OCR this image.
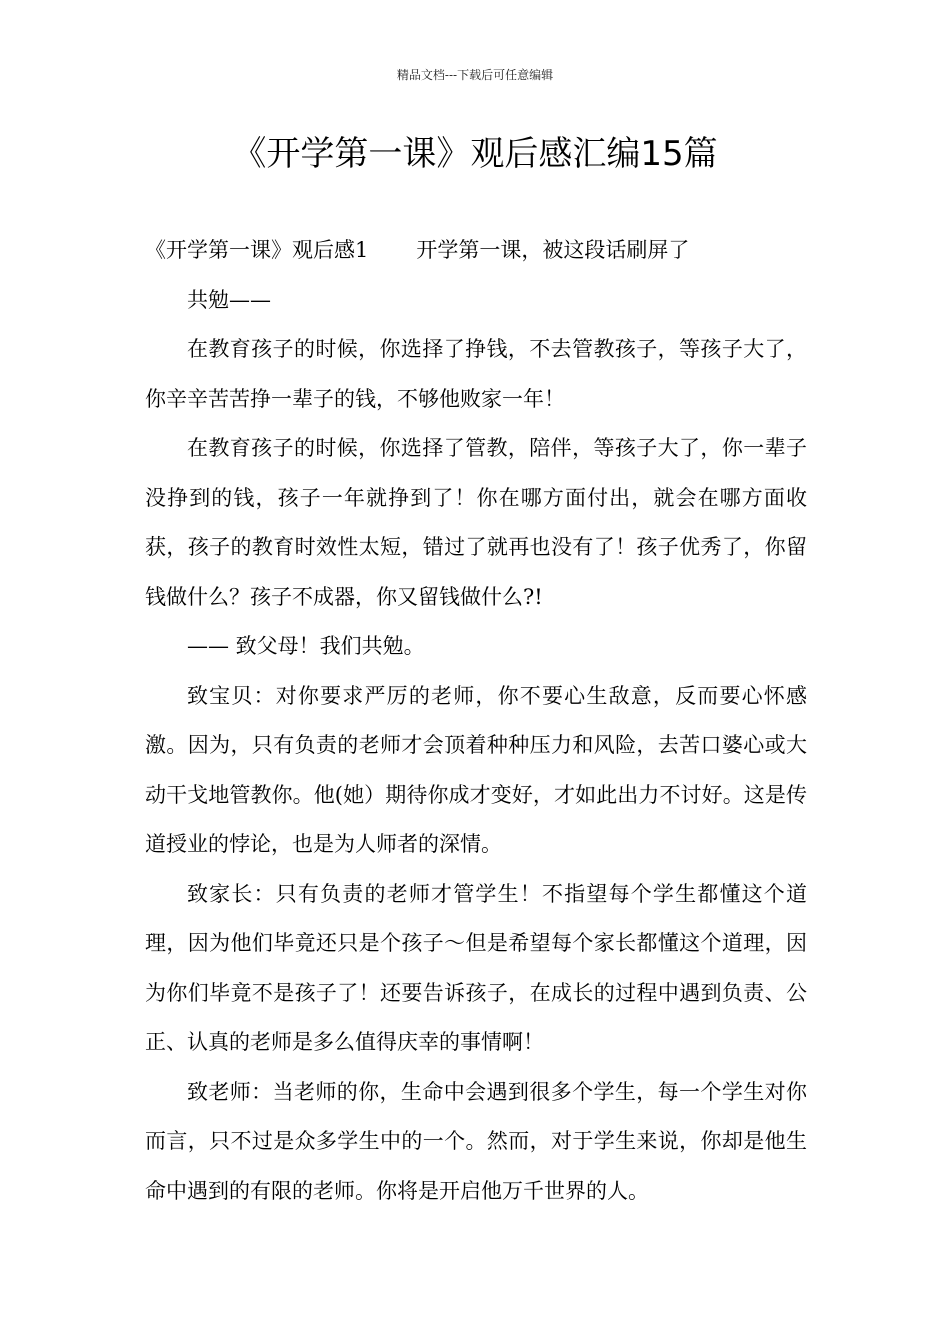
精品文档---下载后可任意编辑
《开学第一课》观后感汇编15篇

《开学第一课》观后感1 开学第一课，被这段话刷屏了

共勉——

在教育孩子的时候，你选择了挣钱，不去管教孩子，等孩子大了，你辛辛苦苦挣一辈子的钱，不够他败家一年！

在教育孩子的时候，你选择了管教，陪伴，等孩子大了，你一辈子没挣到的钱，孩子一年就挣到了！你在哪方面付出，就会在哪方面收获，孩子的教育时效性太短，错过了就再也没有了！孩子优秀了，你留钱做什么？孩子不成器，你又留钱做什么?!

—— 致父母！我们共勉。

致宝贝：对你要求严厉的老师，你不要心生敌意，反而要心怀感激。因为，只有负责的老师才会顶着种种压力和风险，去苦口婆心或大动干戈地管教你。他(她）期待你成才变好，才如此出力不讨好。这是传道授业的悖论，也是为人师者的深情。

致家长：只有负责的老师才管学生！不指望每个学生都懂这个道理，因为他们毕竟还只是个孩子～但是希望每个家长都懂这个道理，因为你们毕竟不是孩子了！还要告诉孩子，在成长的过程中遇到负责、公正、认真的老师是多么值得庆幸的事情啊！

致老师：当老师的你，生命中会遇到很多个学生，每一个学生对你而言，只不过是众多学生中的一个。然而，对于学生来说，你却是他生命中遇到的有限的老师。你将是开启他万千世界的人。
